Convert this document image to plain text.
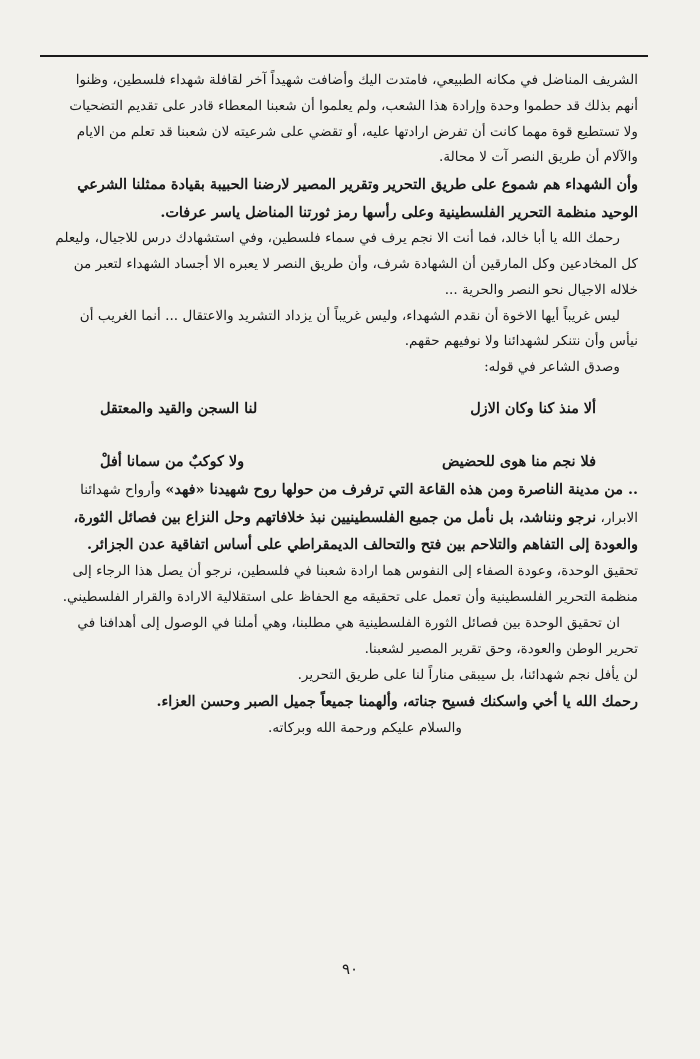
الشريف المناضل في مكانه الطبيعي، فامتدت اليك وأضافت شهيداً آخر لقافلة شهداء فلسطين، وظنوا أنهم بذلك قد حطموا وحدة وإرادة هذا الشعب، ولم يعلموا أن شعبنا المعطاء قادر على تقديم التضحيات ولا تستطيع قوة مهما كانت أن تفرض ارادتها عليه، أو تقضي على شرعيته لان شعبنا قد تعلم من الايام والآلام أن طريق النصر آت لا محالة.

وأن الشهداء هم شموع على طريق التحرير وتقرير المصير لارضنا الحبيبة بقيادة ممثلنا الشرعي الوحيد منظمة التحرير الفلسطينية وعلى رأسها رمز ثورتنا المناضل ياسر عرفات.

رحمك الله يا أبا خالد، فما أنت الا نجم يرف في سماء فلسطين، وفي استشهادك درس للاجيال، وليعلم كل المخادعين وكل المارقين أن الشهادة شرف، وأن طريق النصر لا يعبره الا أجساد الشهداء لتعبر من خلاله الاجيال نحو النصر والحرية ...

ليس غريباً أيها الاخوة أن نقدم الشهداء، وليس غريباً أن يزداد التشريد والاعتقال ... أنما الغريب أن نيأس وأن نتنكر لشهدائنا ولا نوفيهم حقهم.

وصدق الشاعر في قوله:

ألا منذ كنا وكان الازل
لنا السجن والقيد والمعتقل
فلا نجم منا هوى للحضيض
ولا كوكبٌ من سمانا أفلْ

.. من مدينة الناصرة ومن هذه القاعة التي ترفرف من حولها روح شهيدنا «فهد» وأرواح شهدائنا الابرار، نرجو ونناشد، بل نأمل من جميع الفلسطينيين نبذ خلافاتهم وحل النزاع بين فصائل الثورة، والعودة إلى التفاهم والتلاحم بين فتح والتحالف الديمقراطي على أساس اتفاقية عدن الجزائر.

تحقيق الوحدة، وعودة الصفاء إلى النفوس هما ارادة شعبنا في فلسطين، نرجو أن يصل هذا الرجاء إلى منظمة التحرير الفلسطينية وأن تعمل على تحقيقه مع الحفاظ على استقلالية الارادة والقرار الفلسطيني.

ان تحقيق الوحدة بين فصائل الثورة الفلسطينية هي مطلبنا، وهي أملنا في الوصول إلى أهدافنا في تحرير الوطن والعودة، وحق تقرير المصير لشعبنا.

لن يأفل نجم شهدائنا، بل سيبقى مناراً لنا على طريق التحرير.

رحمك الله يا أخي واسكنك فسيح جناته، وألهمنا جميعاً جميل الصبر وحسن العزاء.

والسلام عليكم ورحمة الله وبركاته.

٩٠
